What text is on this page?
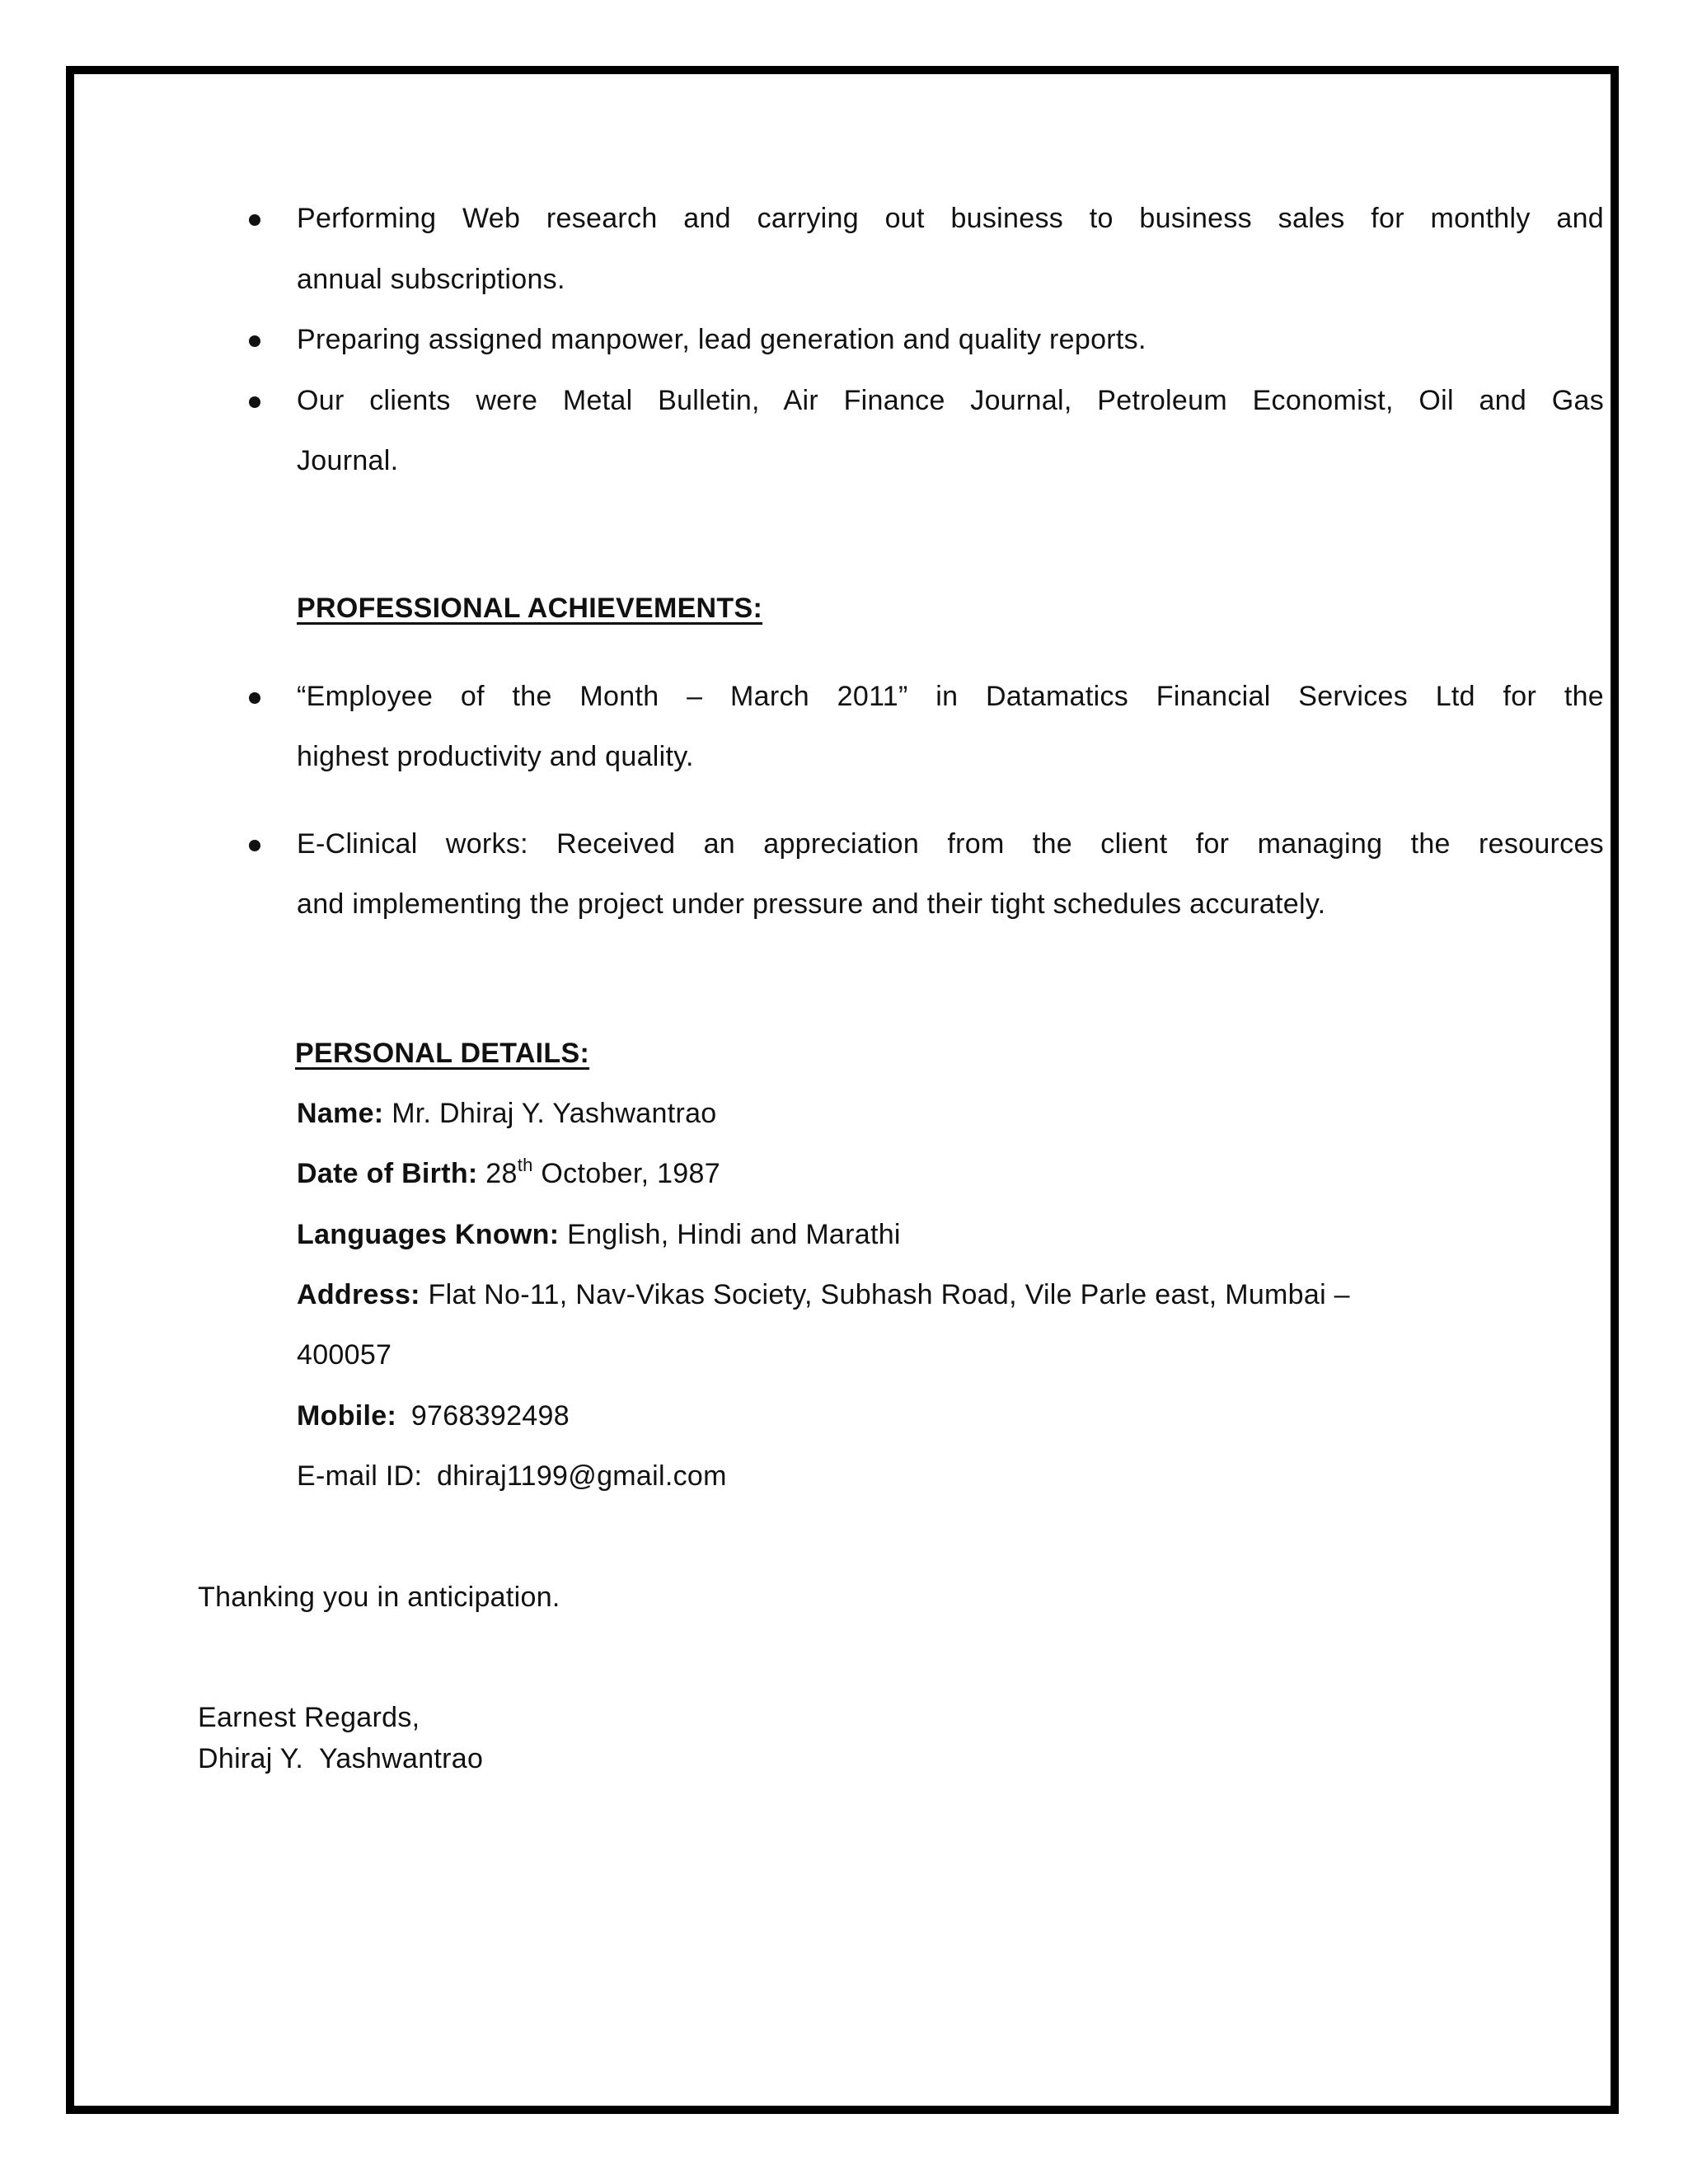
Performing Web research and carrying out business to business sales for monthly and
annual subscriptions.
Preparing assigned manpower, lead generation and quality reports.
Our clients were Metal Bulletin, Air Finance Journal, Petroleum Economist, Oil and Gas
Journal.
PROFESSIONAL ACHIEVEMENTS:
“Employee of the Month – March 2011” in Datamatics Financial Services Ltd for the
highest productivity and quality.
E-Clinical works: Received an appreciation from the client for managing the resources
and implementing the project under pressure and their tight schedules accurately.
PERSONAL DETAILS:
Name: Mr. Dhiraj Y. Yashwantrao
Date of Birth: 28th October, 1987
Languages Known: English, Hindi and Marathi
Address: Flat No-11, Nav-Vikas Society, Subhash Road, Vile Parle east, Mumbai –
400057
Mobile: 9768392498
E-mail ID: dhiraj1199@gmail.com
Thanking you in anticipation.
Earnest Regards,
Dhiraj Y.  Yashwantrao
